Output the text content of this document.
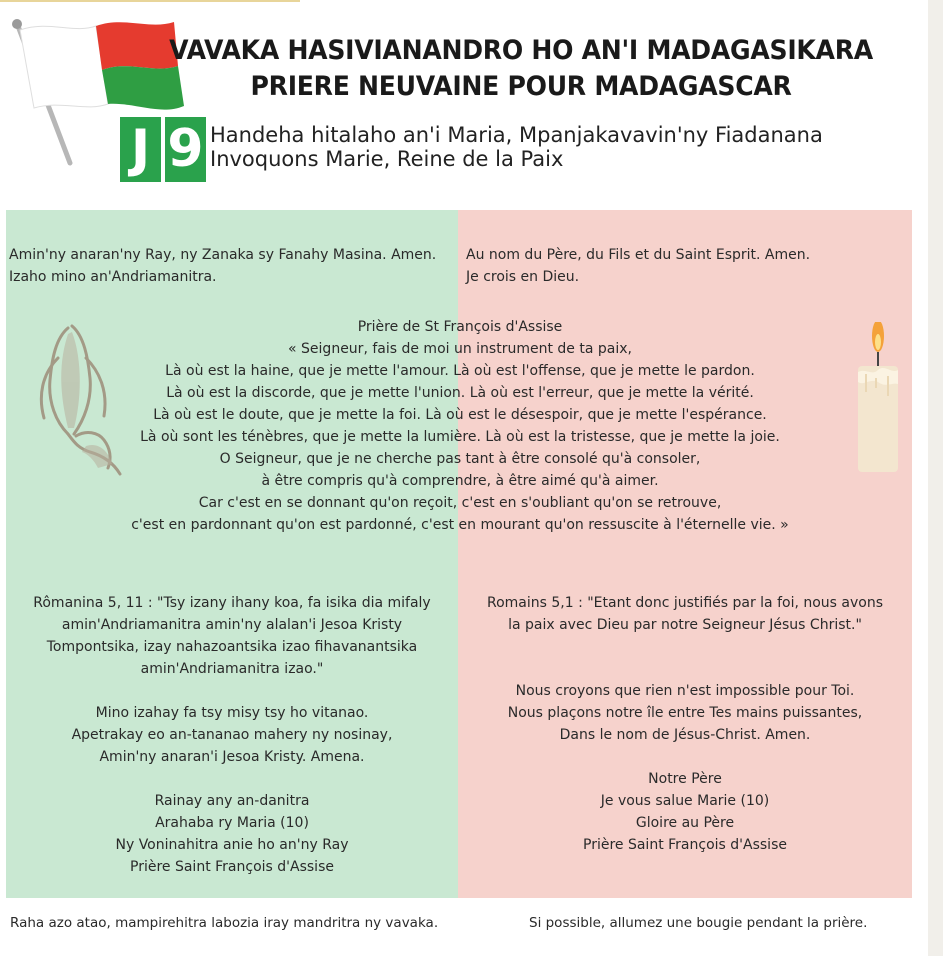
VAVAKA HASIVIANANDRO HO AN'I MADAGASIKARA
PRIERE NEUVAINE POUR MADAGASCAR
J 9 Handeha hitalaho an'i Maria, Mpanjakavavin'ny Fiadanana
Invoquons Marie, Reine de la Paix
Amin'ny anaran'ny Ray, ny Zanaka sy Fanahy Masina. Amen.
Izaho mino an'Andriamanitra.
Au nom du Père, du Fils et du Saint Esprit. Amen.
Je crois en Dieu.
Prière de St François d'Assise
« Seigneur, fais de moi un instrument de ta paix,
Là où est la haine, que je mette l'amour. Là où est l'offense, que je mette le pardon.
Là où est la discorde, que je mette l'union. Là où est l'erreur, que je mette la vérité.
Là où est le doute, que je mette la foi. Là où est le désespoir, que je mette l'espérance.
Là où sont les ténèbres, que je mette la lumière. Là où est la tristesse, que je mette la joie.
O Seigneur, que je ne cherche pas tant à être consolé qu'à consoler,
à être compris qu'à comprendre, à être aimé qu'à aimer.
Car c'est en se donnant qu'on reçoit, c'est en s'oubliant qu'on se retrouve,
c'est en pardonnant qu'on est pardonné, c'est en mourant qu'on ressuscite à l'éternelle vie. »
Rômanina 5, 11 : "Tsy izany ihany koa, fa isika dia mifaly
amin'Andriamanitra amin'ny alalan'i Jesoa Kristy
Tompontsika, izay nahazoantsika izao fihavanantsika
amin'Andriamanitra izao."
Mino izahay fa tsy misy tsy ho vitanao.
Apetrakay eo an-tananao mahery ny nosinay,
Amin'ny anaran'i Jesoa Kristy. Amena.
Rainay any an-danitra
Arahaba ry Maria (10)
Ny Voninahitra anie ho an'ny Ray
Prière Saint François d'Assise
Romains 5,1 : "Etant donc justifiés par la foi, nous avons
la paix avec Dieu par notre Seigneur Jésus Christ."
Nous croyons que rien n'est impossible pour Toi.
Nous plaçons notre île entre Tes mains puissantes,
Dans le nom de Jésus-Christ. Amen.
Notre Père
Je vous salue Marie (10)
Gloire au Père
Prière Saint François d'Assise
Raha azo atao, mampirehitra labozia iray mandritra ny vavaka.	Si possible, allumez une bougie pendant la prière.
